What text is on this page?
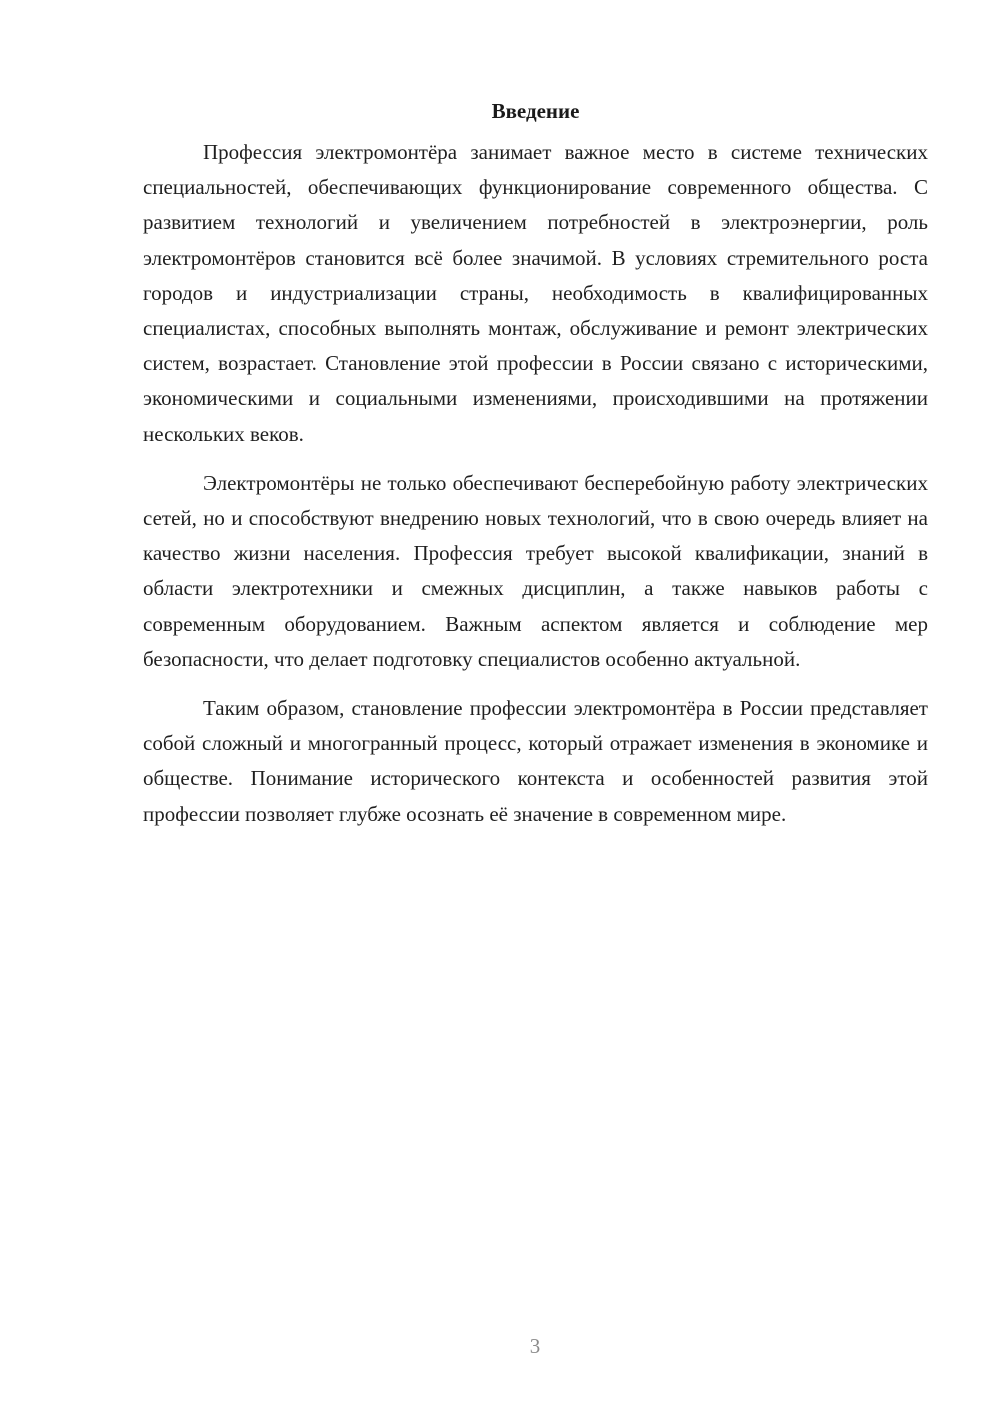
Введение

Профессия электромонтёра занимает важное место в системе технических специальностей, обеспечивающих функционирование современного общества. С развитием технологий и увеличением потребностей в электроэнергии, роль электромонтёров становится всё более значимой. В условиях стремительного роста городов и индустриализации страны, необходимость в квалифицированных специалистах, способных выполнять монтаж, обслуживание и ремонт электрических систем, возрастает. Становление этой профессии в России связано с историческими, экономическими и социальными изменениями, происходившими на протяжении нескольких веков.

Электромонтёры не только обеспечивают бесперебойную работу электрических сетей, но и способствуют внедрению новых технологий, что в свою очередь влияет на качество жизни населения. Профессия требует высокой квалификации, знаний в области электротехники и смежных дисциплин, а также навыков работы с современным оборудованием. Важным аспектом является и соблюдение мер безопасности, что делает подготовку специалистов особенно актуальной.

Таким образом, становление профессии электромонтёра в России представляет собой сложный и многогранный процесс, который отражает изменения в экономике и обществе. Понимание исторического контекста и особенностей развития этой профессии позволяет глубже осознать её значение в современном мире.

3
